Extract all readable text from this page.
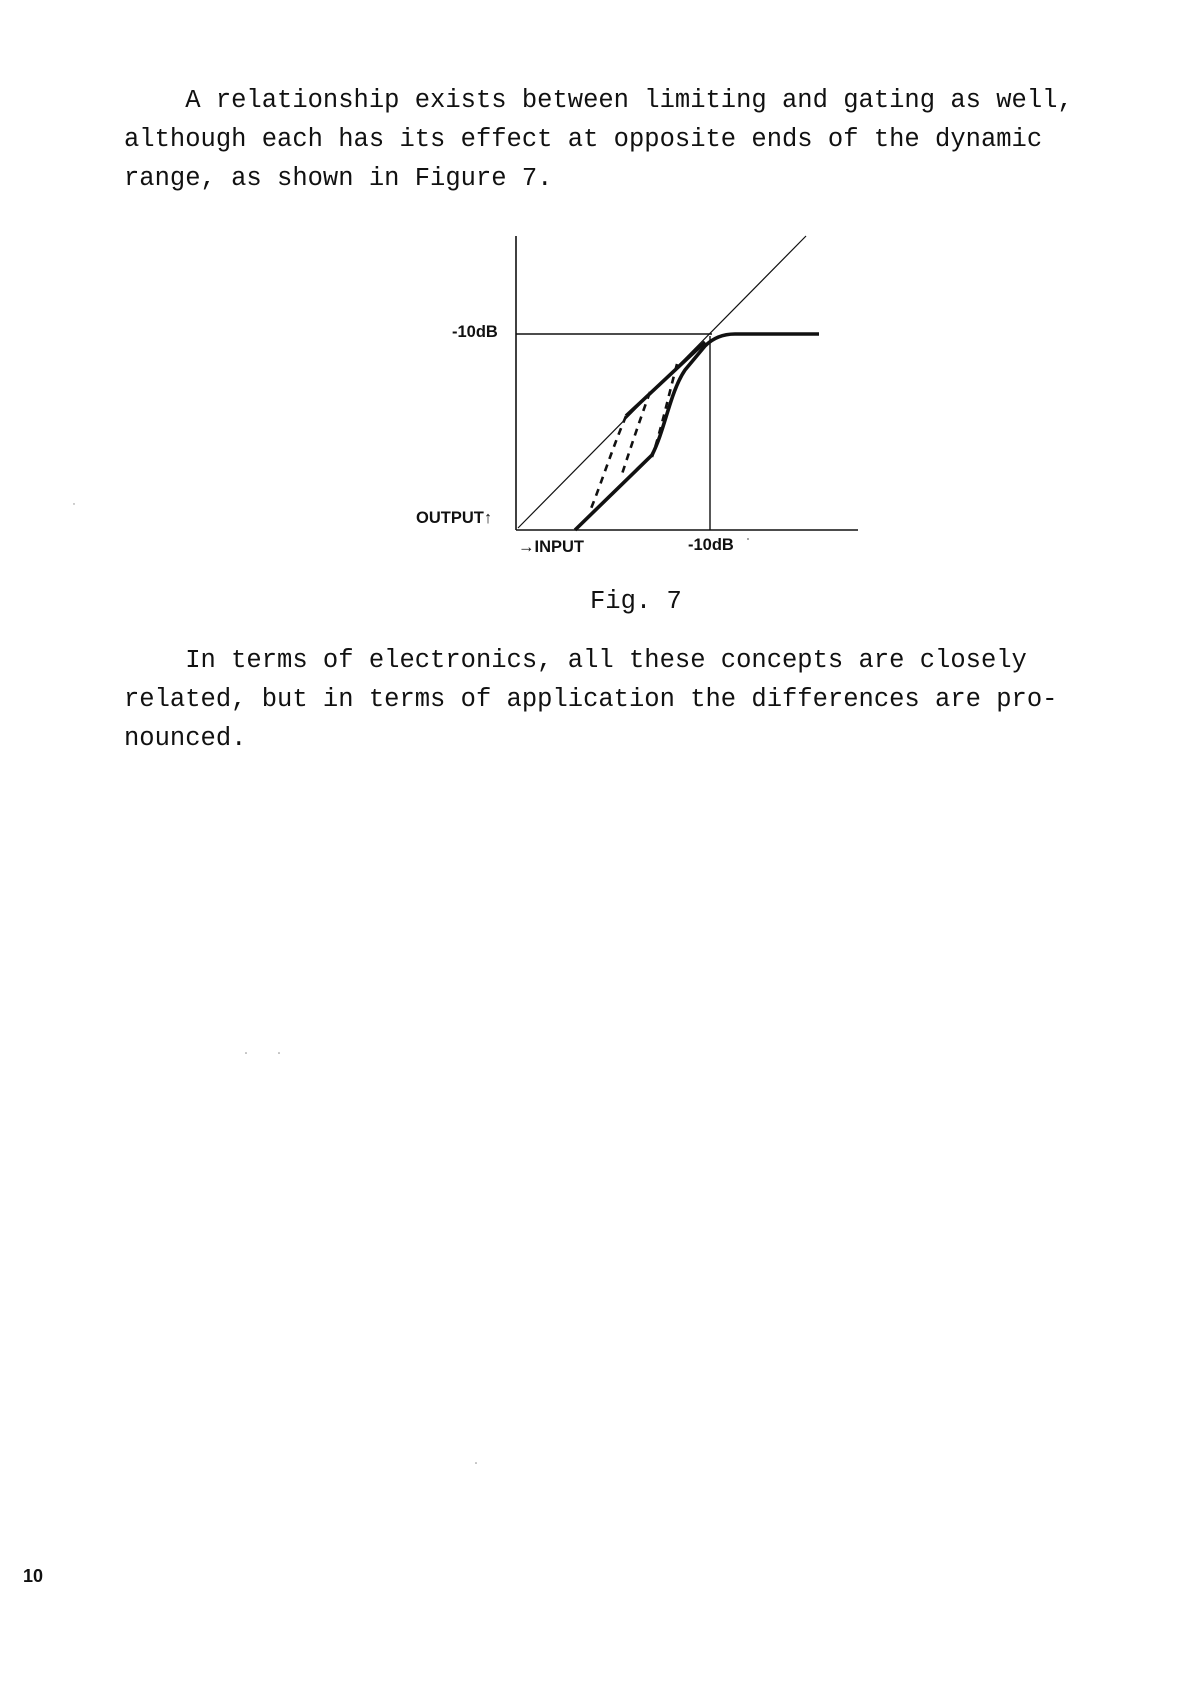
A relationship exists between limiting and gating as well,
although each has its effect at opposite ends of the dynamic
range, as shown in Figure 7.

-10dB
OUTPUT↑
→INPUT	-10dB
Fig. 7

In terms of electronics, all these concepts are closely
related, but in terms of application the differences are pro-
nounced.

10
